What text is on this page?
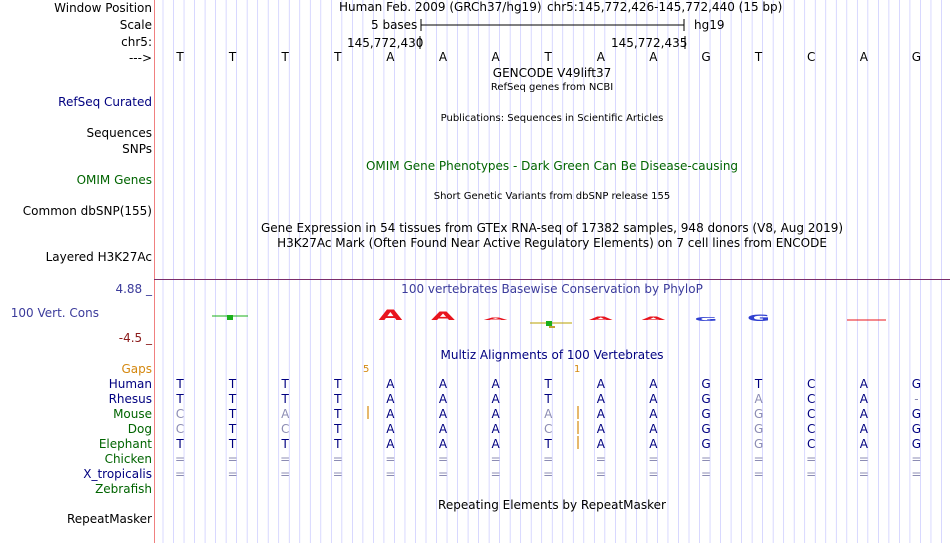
A A A	A A G G
Window Position
Scale
chr5:
--->
RefSeq Curated
Sequences
SNPs
OMIM Genes
Common dbSNP(155)
Layered H3K27Ac
4.88 _
100 Vert. Cons
-4.5 _
Gaps
RepeatMasker
Human Feb. 2009 (GRCh37/hg19) chr5:145,772,426-145,772,440 (15 bp)
5 bases	hg19
145,772,430	145,772,435
T	T	T	T	A	A	A	T	A	A	G	T	C	A	G
GENCODE V49lift37
RefSeq genes from NCBI
Publications: Sequences in Scientific Articles
OMIM Gene Phenotypes - Dark Green Can Be Disease-causing
Short Genetic Variants from dbSNP release 155
Gene Expression in 54 tissues from GTEx RNA-seq of 17382 samples, 948 donors (V8, Aug 2019)
H3K27Ac Mark (Often Found Near Active Regulatory Elements) on 7 cell lines from ENCODE
100 vertebrates Basewise Conservation by PhyloP
Multiz Alignments of 100 Vertebrates
Repeating Elements by RepeatMasker
5	1
Human	T	T	T	T	A	A	A	T	A	A	G	T	C	A	G
Rhesus	T	T	T	T	A	A	A	T	A	A	G	A	C	A	-
Mouse	C	T	A	T	A	A	A	A	A	A	G	G	C	A	G
Dog	C	T	C	T	A	A	A	C	A	A	G	G	C	A	G
Elephant	T	T	T	T	A	A	A	T	A	A	G	G	C	A	G
Chicken	=	=	=	=	=	=	=	=	=	=	=	=	=	=	=
X_tropicalis	=	=	=	=	=	=	=	=	=	=	=	=	=	=	=
Zebrafish
